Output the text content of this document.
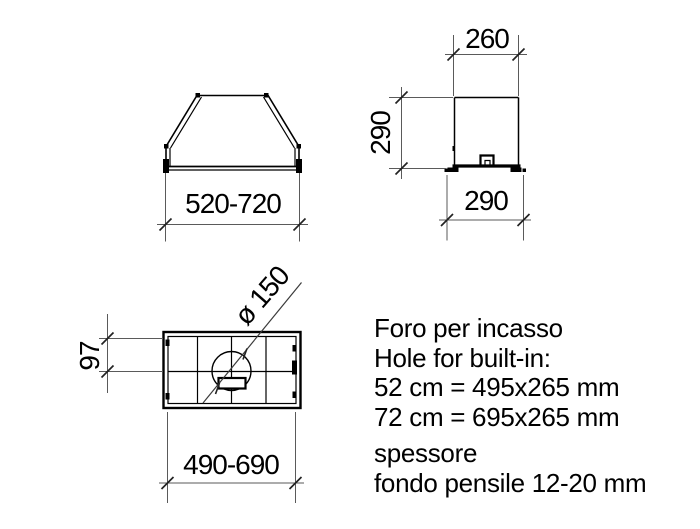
520-720
260
290
290
97
ø 150
490-690
Foro per incasso
Hole for built-in:
52 cm = 495x265 mm
72 cm = 695x265 mm
spessore
fondo pensile 12-20 mm
